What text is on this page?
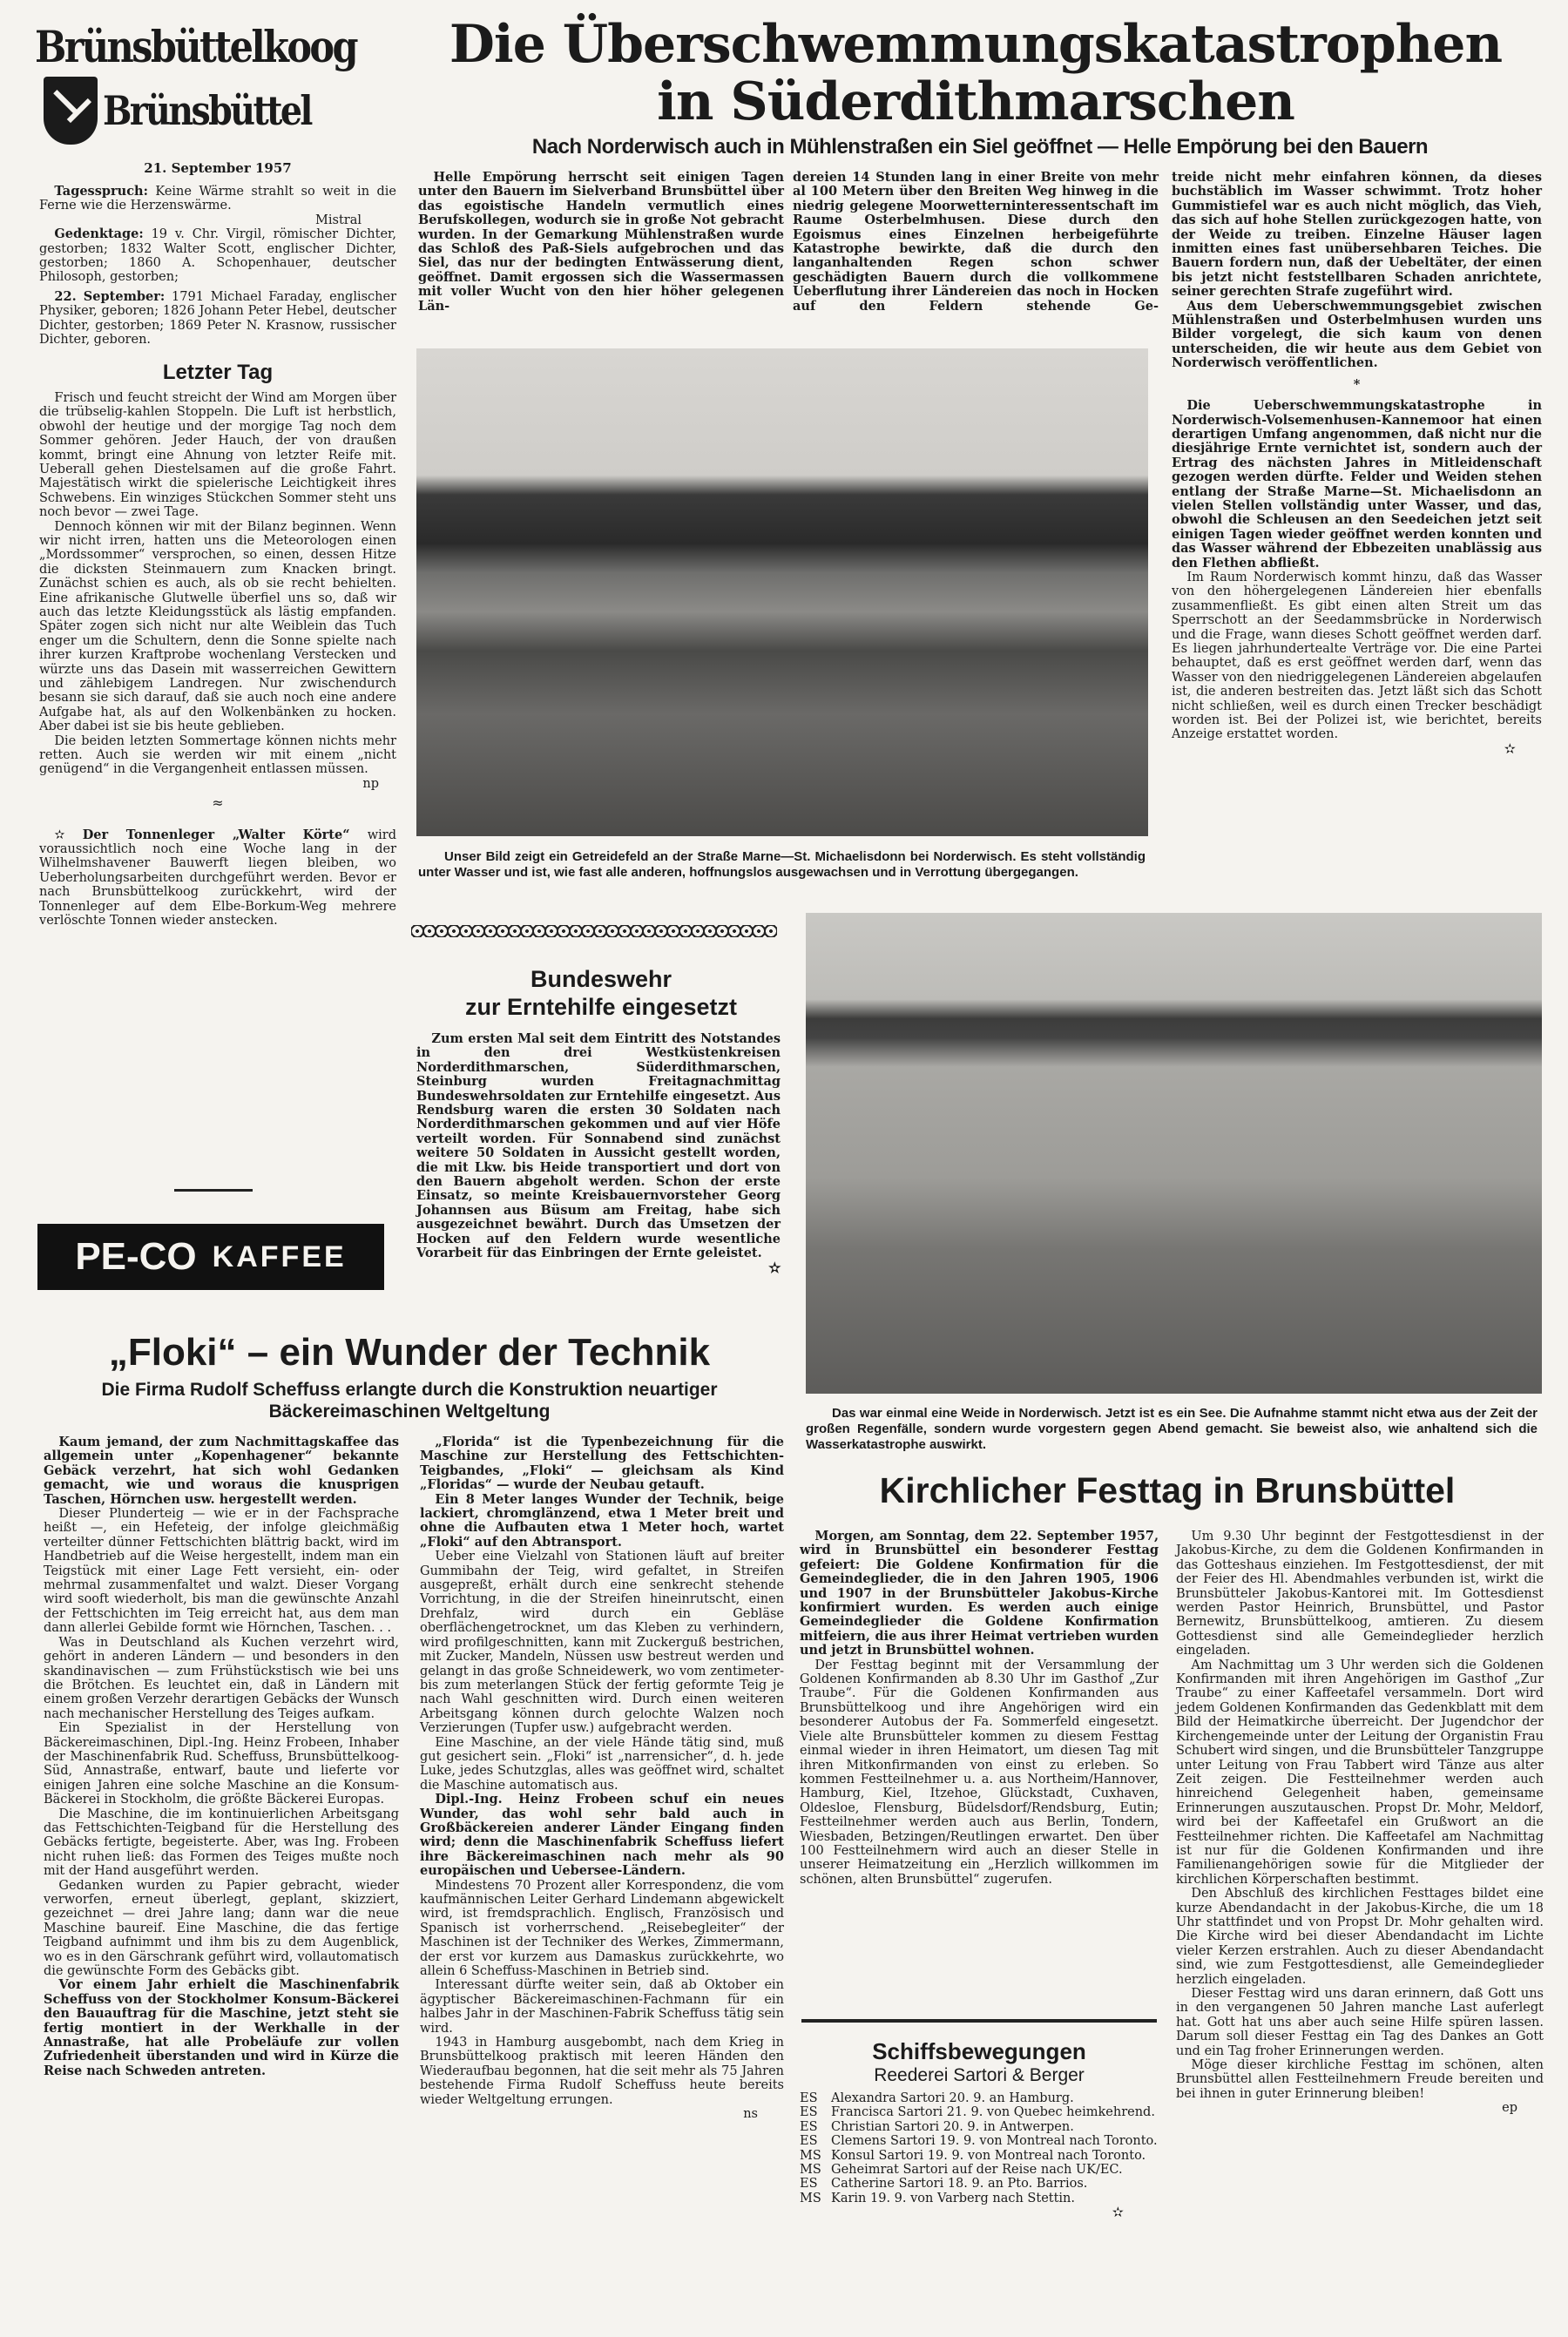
Brünsbüttelkoog
Brünsbüttel
21. September 1957
Die Überschwemmungskatastrophen
in Süderdithmarschen
Nach Norderwisch auch in Mühlenstraßen ein Siel geöffnet — Helle Empörung bei den Bauern

Tagesspruch: Keine Wärme strahlt so weit in die Ferne wie die Herzenswärme.

Mistral

Gedenktage: 19 v. Chr. Virgil, römischer Dichter, gestorben; 1832 Walter Scott, englischer Dichter, gestorben; 1860 A. Schopenhauer, deutscher Philosoph, gestorben;

22. September: 1791 Michael Faraday, englischer Physiker, geboren; 1826 Johann Peter Hebel, deutscher Dichter, gestorben; 1869 Peter N. Krasnow, russischer Dichter, geboren.

Letzter Tag

Frisch und feucht streicht der Wind am Morgen über die trübselig-kahlen Stoppeln. Die Luft ist herbstlich, obwohl der heutige und der morgige Tag noch dem Sommer gehören. Jeder Hauch, der von draußen kommt, bringt eine Ahnung von letzter Reife mit. Ueberall gehen Diestelsamen auf die große Fahrt. Majestätisch wirkt die spielerische Leichtigkeit ihres Schwebens. Ein winziges Stückchen Sommer steht uns noch bevor — zwei Tage.

Dennoch können wir mit der Bilanz beginnen. Wenn wir nicht irren, hatten uns die Meteorologen einen „Mordssommer“ versprochen, so einen, dessen Hitze die dicksten Steinmauern zum Knacken bringt. Zunächst schien es auch, als ob sie recht behielten. Eine afrikanische Glutwelle überfiel uns so, daß wir auch das letzte Kleidungsstück als lästig empfanden. Später zogen sich nicht nur alte Weiblein das Tuch enger um die Schultern, denn die Sonne spielte nach ihrer kurzen Kraftprobe wochenlang Verstecken und würzte uns das Dasein mit wasserreichen Gewittern und zählebigem Landregen. Nur zwischendurch besann sie sich darauf, daß sie auch noch eine andere Aufgabe hat, als auf den Wolkenbänken zu hocken. Aber dabei ist sie bis heute geblieben.

Die beiden letzten Sommertage können nichts mehr retten. Auch sie werden wir mit einem „nicht genügend“ in die Vergangenheit entlassen müssen.

np
≈

✫ Der Tonnenleger „Walter Körte“ wird voraussichtlich noch eine Woche lang in der Wilhelmshavener Bauwerft liegen bleiben, wo Ueberholungsarbeiten durchgeführt werden. Bevor er nach Brunsbüttelkoog zurückkehrt, wird der Tonnenleger auf dem Elbe-Borkum-Weg mehrere verlöschte Tonnen wieder anstecken.

PE-CO KAFFEE

Helle Empörung herrscht seit einigen Tagen unter den Bauern im Sielverband Brunsbüttel über das egoistische Handeln vermutlich eines Berufskollegen, wodurch sie in große Not gebracht wurden. In der Gemarkung Mühlenstraßen wurde das Schloß des Paß-Siels aufgebrochen und das Siel, das nur der bedingten Entwässerung dient, geöffnet. Damit ergossen sich die Wassermassen mit voller Wucht von den hier höher gelegenen Län-

dereien 14 Stunden lang in einer Breite von mehr al 100 Metern über den Breiten Weg hinweg in die niedrig gelegene Moorwetterninteressentschaft im Raume Osterbelmhusen. Diese durch den Egoismus eines Einzelnen herbeigeführte Katastrophe bewirkte, daß die durch den langanhaltenden Regen schon schwer geschädigten Bauern durch die vollkommene Ueberflutung ihrer Ländereien das noch in Hocken auf den Feldern stehende Ge-

treide nicht mehr einfahren können, da dieses buchstäblich im Wasser schwimmt. Trotz hoher Gummistiefel war es auch nicht möglich, das Vieh, das sich auf hohe Stellen zurückgezogen hatte, von der Weide zu treiben. Einzelne Häuser lagen inmitten eines fast unübersehbaren Teiches. Die Bauern fordern nun, daß der Uebeltäter, der einen bis jetzt nicht feststellbaren Schaden anrichtete, seiner gerechten Strafe zugeführt wird.

Aus dem Ueberschwemmungsgebiet zwischen Mühlenstraßen und Osterbelmhusen wurden uns Bilder vorgelegt, die sich kaum von denen unterscheiden, die wir heute aus dem Gebiet von Norderwisch veröffentlichen.

*

Die Ueberschwemmungskatastrophe in Norderwisch-Volsemenhusen-Kannemoor hat einen derartigen Umfang angenommen, daß nicht nur die diesjährige Ernte vernichtet ist, sondern auch der Ertrag des nächsten Jahres in Mitleidenschaft gezogen werden dürfte. Felder und Weiden stehen entlang der Straße Marne—St. Michaelisdonn an vielen Stellen vollständig unter Wasser, und das, obwohl die Schleusen an den Seedeichen jetzt seit einigen Tagen wieder geöffnet werden konnten und das Wasser während der Ebbezeiten unablässig aus den Flethen abfließt.

Im Raum Norderwisch kommt hinzu, daß das Wasser von den höhergelegenen Ländereien hier ebenfalls zusammenfließt. Es gibt einen alten Streit um das Sperrschott an der Seedammsbrücke in Norderwisch und die Frage, wann dieses Schott geöffnet werden darf. Es liegen jahrhundertealte Verträge vor. Die eine Partei behauptet, daß es erst geöffnet werden darf, wenn das Wasser von den niedriggelegenen Ländereien abgelaufen ist, die anderen bestreiten das. Jetzt läßt sich das Schott nicht schließen, weil es durch einen Trecker beschädigt worden ist. Bei der Polizei ist, wie berichtet, bereits Anzeige erstattet worden.

✫

Unser Bild zeigt ein Getreidefeld an der Straße Marne—St. Michaelisdonn bei Norderwisch. Es steht vollständig unter Wasser und ist, wie fast alle anderen, hoffnungslos ausgewachsen und in Verrottung übergegangen.

Bundeswehr
zur Erntehilfe eingesetzt

Zum ersten Mal seit dem Eintritt des Notstandes in den drei Westküstenkreisen Norderdithmarschen, Süderdithmarschen, Steinburg wurden Freitagnachmittag Bundeswehrsoldaten zur Erntehilfe eingesetzt. Aus Rendsburg waren die ersten 30 Soldaten nach Norderdithmarschen gekommen und auf vier Höfe verteilt worden. Für Sonnabend sind zunächst weitere 50 Soldaten in Aussicht gestellt worden, die mit Lkw. bis Heide transportiert und dort von den Bauern abgeholt werden. Schon der erste Einsatz, so meinte Kreisbauernvorsteher Georg Johannsen aus Büsum am Freitag, habe sich ausgezeichnet bewährt. Durch das Umsetzen der Hocken auf den Feldern wurde wesentliche Vorarbeit für das Einbringen der Ernte geleistet.

✫

Das war einmal eine Weide in Norderwisch. Jetzt ist es ein See. Die Aufnahme stammt nicht etwa aus der Zeit der großen Regenfälle, sondern wurde vorgestern gegen Abend gemacht. Sie beweist also, wie anhaltend sich die Wasserkatastrophe auswirkt.

„Floki“ – ein Wunder der Technik
Die Firma Rudolf Scheffuss erlangte durch die Konstruktion neuartiger Bäckereimaschinen Weltgeltung

Kaum jemand, der zum Nachmittagskaffee das allgemein unter „Kopenhagener“ bekannte Gebäck verzehrt, hat sich wohl Gedanken gemacht, wie und woraus die knusprigen Taschen, Hörnchen usw. hergestellt werden.

Dieser Plunderteig — wie er in der Fachsprache heißt —, ein Hefeteig, der infolge gleichmäßig verteilter dünner Fettschichten blättrig backt, wird im Handbetrieb auf die Weise hergestellt, indem man ein Teigstück mit einer Lage Fett versieht, ein- oder mehrmal zusammenfaltet und walzt. Dieser Vorgang wird sooft wiederholt, bis man die gewünschte Anzahl der Fettschichten im Teig erreicht hat, aus dem man dann allerlei Gebilde formt wie Hörnchen, Taschen. . .

Was in Deutschland als Kuchen verzehrt wird, gehört in anderen Ländern — und besonders in den skandinavischen — zum Frühstückstisch wie bei uns die Brötchen. Es leuchtet ein, daß in Ländern mit einem großen Verzehr derartigen Gebäcks der Wunsch nach mechanischer Herstellung des Teiges aufkam.

Ein Spezialist in der Herstellung von Bäckereimaschinen, Dipl.-Ing. Heinz Frobeen, Inhaber der Maschinenfabrik Rud. Scheffuss, Brunsbüttelkoog-Süd, Annastraße, entwarf, baute und lieferte vor einigen Jahren eine solche Maschine an die Konsum-Bäckerei in Stockholm, die größte Bäckerei Europas.

Die Maschine, die im kontinuierlichen Arbeitsgang das Fettschichten-Teigband für die Herstellung des Gebäcks fertigte, begeisterte. Aber, was Ing. Frobeen nicht ruhen ließ: das Formen des Teiges mußte noch mit der Hand ausgeführt werden.

Gedanken wurden zu Papier gebracht, wieder verworfen, erneut überlegt, geplant, skizziert, gezeichnet — drei Jahre lang; dann war die neue Maschine baureif. Eine Maschine, die das fertige Teigband aufnimmt und ihm bis zu dem Augenblick, wo es in den Gärschrank geführt wird, vollautomatisch die gewünschte Form des Gebäcks gibt.

Vor einem Jahr erhielt die Maschinenfabrik Scheffuss von der Stockholmer Konsum-Bäckerei den Bauauftrag für die Maschine, jetzt steht sie fertig montiert in der Werkhalle in der Annastraße, hat alle Probeläufe zur vollen Zufriedenheit überstanden und wird in Kürze die Reise nach Schweden antreten.

„Florida“ ist die Typenbezeichnung für die Maschine zur Herstellung des Fettschichten-Teigbandes, „Floki“ — gleichsam als Kind „Floridas“ — wurde der Neubau getauft.

Ein 8 Meter langes Wunder der Technik, beige lackiert, chromglänzend, etwa 1 Meter breit und ohne die Aufbauten etwa 1 Meter hoch, wartet „Floki“ auf den Abtransport.

Ueber eine Vielzahl von Stationen läuft auf breiter Gummibahn der Teig, wird gefaltet, in Streifen ausgepreßt, erhält durch eine senkrecht stehende Vorrichtung, in die der Streifen hineinrutscht, einen Drehfalz, wird durch ein Gebläse oberflächengetrocknet, um das Kleben zu verhindern, wird profilgeschnitten, kann mit Zuckerguß bestrichen, mit Zucker, Mandeln, Nüssen usw bestreut werden und gelangt in das große Schneidewerk, wo vom zentimeter- bis zum meterlangen Stück der fertig geformte Teig je nach Wahl geschnitten wird. Durch einen weiteren Arbeitsgang können durch gelochte Walzen noch Verzierungen (Tupfer usw.) aufgebracht werden.

Eine Maschine, an der viele Hände tätig sind, muß gut gesichert sein. „Floki“ ist „narrensicher“, d. h. jede Luke, jedes Schutzglas, alles was geöffnet wird, schaltet die Maschine automatisch aus.

Dipl.-Ing. Heinz Frobeen schuf ein neues Wunder, das wohl sehr bald auch in Großbäckereien anderer Länder Eingang finden wird; denn die Maschinenfabrik Scheffuss liefert ihre Bäckereimaschinen nach mehr als 90 europäischen und Uebersee-Ländern.

Mindestens 70 Prozent aller Korrespondenz, die vom kaufmännischen Leiter Gerhard Lindemann abgewickelt wird, ist fremdsprachlich. Englisch, Französisch und Spanisch ist vorherrschend. „Reisebegleiter“ der Maschinen ist der Techniker des Werkes, Zimmermann, der erst vor kurzem aus Damaskus zurückkehrte, wo allein 6 Scheffuss-Maschinen in Betrieb sind.

Interessant dürfte weiter sein, daß ab Oktober ein ägyptischer Bäckereimaschinen-Fachmann für ein halbes Jahr in der Maschinen-Fabrik Scheffuss tätig sein wird.

1943 in Hamburg ausgebombt, nach dem Krieg in Brunsbüttelkoog praktisch mit leeren Händen den Wiederaufbau begonnen, hat die seit mehr als 75 Jahren bestehende Firma Rudolf Scheffuss heute bereits wieder Weltgeltung errungen.

ns
Kirchlicher Festtag in Brunsbüttel

Morgen, am Sonntag, dem 22. September 1957, wird in Brunsbüttel ein besonderer Festtag gefeiert: Die Goldene Konfirmation für die Gemeindeglieder, die in den Jahren 1905, 1906 und 1907 in der Brunsbütteler Jakobus-Kirche konfirmiert wurden. Es werden auch einige Gemeindeglieder die Goldene Konfirmation mitfeiern, die aus ihrer Heimat vertrieben wurden und jetzt in Brunsbüttel wohnen.

Der Festtag beginnt mit der Versammlung der Goldenen Konfirmanden ab 8.30 Uhr im Gasthof „Zur Traube“. Für die Goldenen Konfirmanden aus Brunsbüttelkoog und ihre Angehörigen wird ein besonderer Autobus der Fa. Sommerfeld eingesetzt. Viele alte Brunsbütteler kommen zu diesem Festtag einmal wieder in ihren Heimatort, um diesen Tag mit ihren Mitkonfirmanden von einst zu erleben. So kommen Festteilnehmer u. a. aus Northeim/Hannover, Hamburg, Kiel, Itzehoe, Glückstadt, Cuxhaven, Oldesloe, Flensburg, Büdelsdorf/Rendsburg, Eutin; Festteilnehmer werden auch aus Berlin, Tondern, Wiesbaden, Betzingen/Reutlingen erwartet. Den über 100 Festteilnehmern wird auch an dieser Stelle in unserer Heimatzeitung ein „Herzlich willkommen im schönen, alten Brunsbüttel“ zugerufen.

Schiffsbewegungen
Reederei Sartori & Berger
ES	Alexandra Sartori 20. 9. an Hamburg.
ES	Francisca Sartori 21. 9. von Quebec heimkehrend.
ES	Christian Sartori 20. 9. in Antwerpen.
ES	Clemens Sartori 19. 9. von Montreal nach Toronto.
MS Konsul Sartori 19. 9. von Montreal nach Toronto.
MS Geheimrat Sartori auf der Reise nach UK/EC.
ES	Catherine Sartori 18. 9. an Pto. Barrios.
MS Karin 19. 9. von Varberg nach Stettin.
✫

Um 9.30 Uhr beginnt der Festgottesdienst in der Jakobus-Kirche, zu dem die Goldenen Konfirmanden in das Gotteshaus einziehen. Im Festgottesdienst, der mit der Feier des Hl. Abendmahles verbunden ist, wirkt die Brunsbütteler Jakobus-Kantorei mit. Im Gottesdienst werden Pastor Heinrich, Brunsbüttel, und Pastor Bernewitz, Brunsbüttelkoog, amtieren. Zu diesem Gottesdienst sind alle Gemeindeglieder herzlich eingeladen.

Am Nachmittag um 3 Uhr werden sich die Goldenen Konfirmanden mit ihren Angehörigen im Gasthof „Zur Traube“ zu einer Kaffeetafel versammeln. Dort wird jedem Goldenen Konfirmanden das Gedenkblatt mit dem Bild der Heimatkirche überreicht. Der Jugendchor der Kirchengemeinde unter der Leitung der Organistin Frau Schubert wird singen, und die Brunsbütteler Tanzgruppe unter Leitung von Frau Tabbert wird Tänze aus alter Zeit zeigen. Die Festteilnehmer werden auch hinreichend Gelegenheit haben, gemeinsame Erinnerungen auszutauschen. Propst Dr. Mohr, Meldorf, wird bei der Kaffeetafel ein Grußwort an die Festteilnehmer richten. Die Kaffeetafel am Nachmittag ist nur für die Goldenen Konfirmanden und ihre Familienangehörigen sowie für die Mitglieder der kirchlichen Körperschaften bestimmt.

Den Abschluß des kirchlichen Festtages bildet eine kurze Abendandacht in der Jakobus-Kirche, die um 18 Uhr stattfindet und von Propst Dr. Mohr gehalten wird. Die Kirche wird bei dieser Abendandacht im Lichte vieler Kerzen erstrahlen. Auch zu dieser Abendandacht sind, wie zum Festgottesdienst, alle Gemeindeglieder herzlich eingeladen.

Dieser Festtag wird uns daran erinnern, daß Gott uns in den vergangenen 50 Jahren manche Last auferlegt hat. Gott hat uns aber auch seine Hilfe spüren lassen. Darum soll dieser Festtag ein Tag des Dankes an Gott und ein Tag froher Erinnerungen werden.

Möge dieser kirchliche Festtag im schönen, alten Brunsbüttel allen Festteilnehmern Freude bereiten und bei ihnen in guter Erinnerung bleiben!

ep
